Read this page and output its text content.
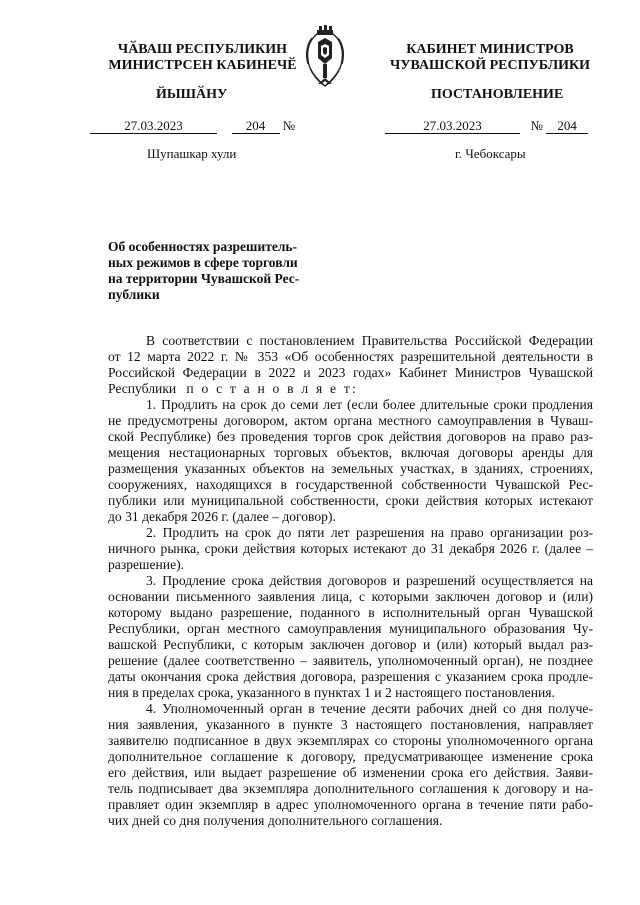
ЧӐВАШ РЕСПУБЛИКИН
МИНИСТРСЕН КАБИНЕЧӖ
ЙЫШӐНУ
КАБИНЕТ МИНИСТРОВ
ЧУВАШСКОЙ РЕСПУБЛИКИ
ПОСТАНОВЛЕНИЕ
27.03.2023	204 №	27.03.2023	№ 204
Шупашкар хули	г. Чебоксары
Об особенностях разрешитель-
ных режимов в сфере торговли
на территории Чувашской Рес-
публики
В соответствии с постановлением Правительства Российской Федерации
от 12 марта 2022 г. № 353 «Об особенностях разрешительной деятельности в
Российской Федерации в 2022 и 2023 годах» Кабинет Министров Чувашской
Республики п о с т а н о в л я е т:
1. Продлить на срок до семи лет (если более длительные сроки продления
не предусмотрены договором, актом органа местного самоуправления в Чуваш-
ской Республике) без проведения торгов срок действия договоров на право раз-
мещения нестационарных торговых объектов, включая договоры аренды для
размещения указанных объектов на земельных участках, в зданиях, строениях,
сооружениях, находящихся в государственной собственности Чувашской Рес-
публики или муниципальной собственности, сроки действия которых истекают
до 31 декабря 2026 г. (далее – договор).
2. Продлить на срок до пяти лет разрешения на право организации роз-
ничного рынка, сроки действия которых истекают до 31 декабря 2026 г. (далее –
разрешение).
3. Продление срока действия договоров и разрешений осуществляется на
основании письменного заявления лица, с которыми заключен договор и (или)
которому выдано разрешение, поданного в исполнительный орган Чувашской
Республики, орган местного самоуправления муниципального образования Чу-
вашской Республики, с которым заключен договор и (или) который выдал раз-
решение (далее соответственно – заявитель, уполномоченный орган), не позднее
даты окончания срока действия договора, разрешения с указанием срока продле-
ния в пределах срока, указанного в пунктах 1 и 2 настоящего постановления.
4. Уполномоченный орган в течение десяти рабочих дней со дня получе-
ния заявления, указанного в пункте 3 настоящего постановления, направляет
заявителю подписанное в двух экземплярах со стороны уполномоченного органа
дополнительное соглашение к договору, предусматривающее изменение срока
его действия, или выдает разрешение об изменении срока его действия. Заяви-
тель подписывает два экземпляра дополнительного соглашения к договору и на-
правляет один экземпляр в адрес уполномоченного органа в течение пяти рабо-
чих дней со дня получения дополнительного соглашения.
